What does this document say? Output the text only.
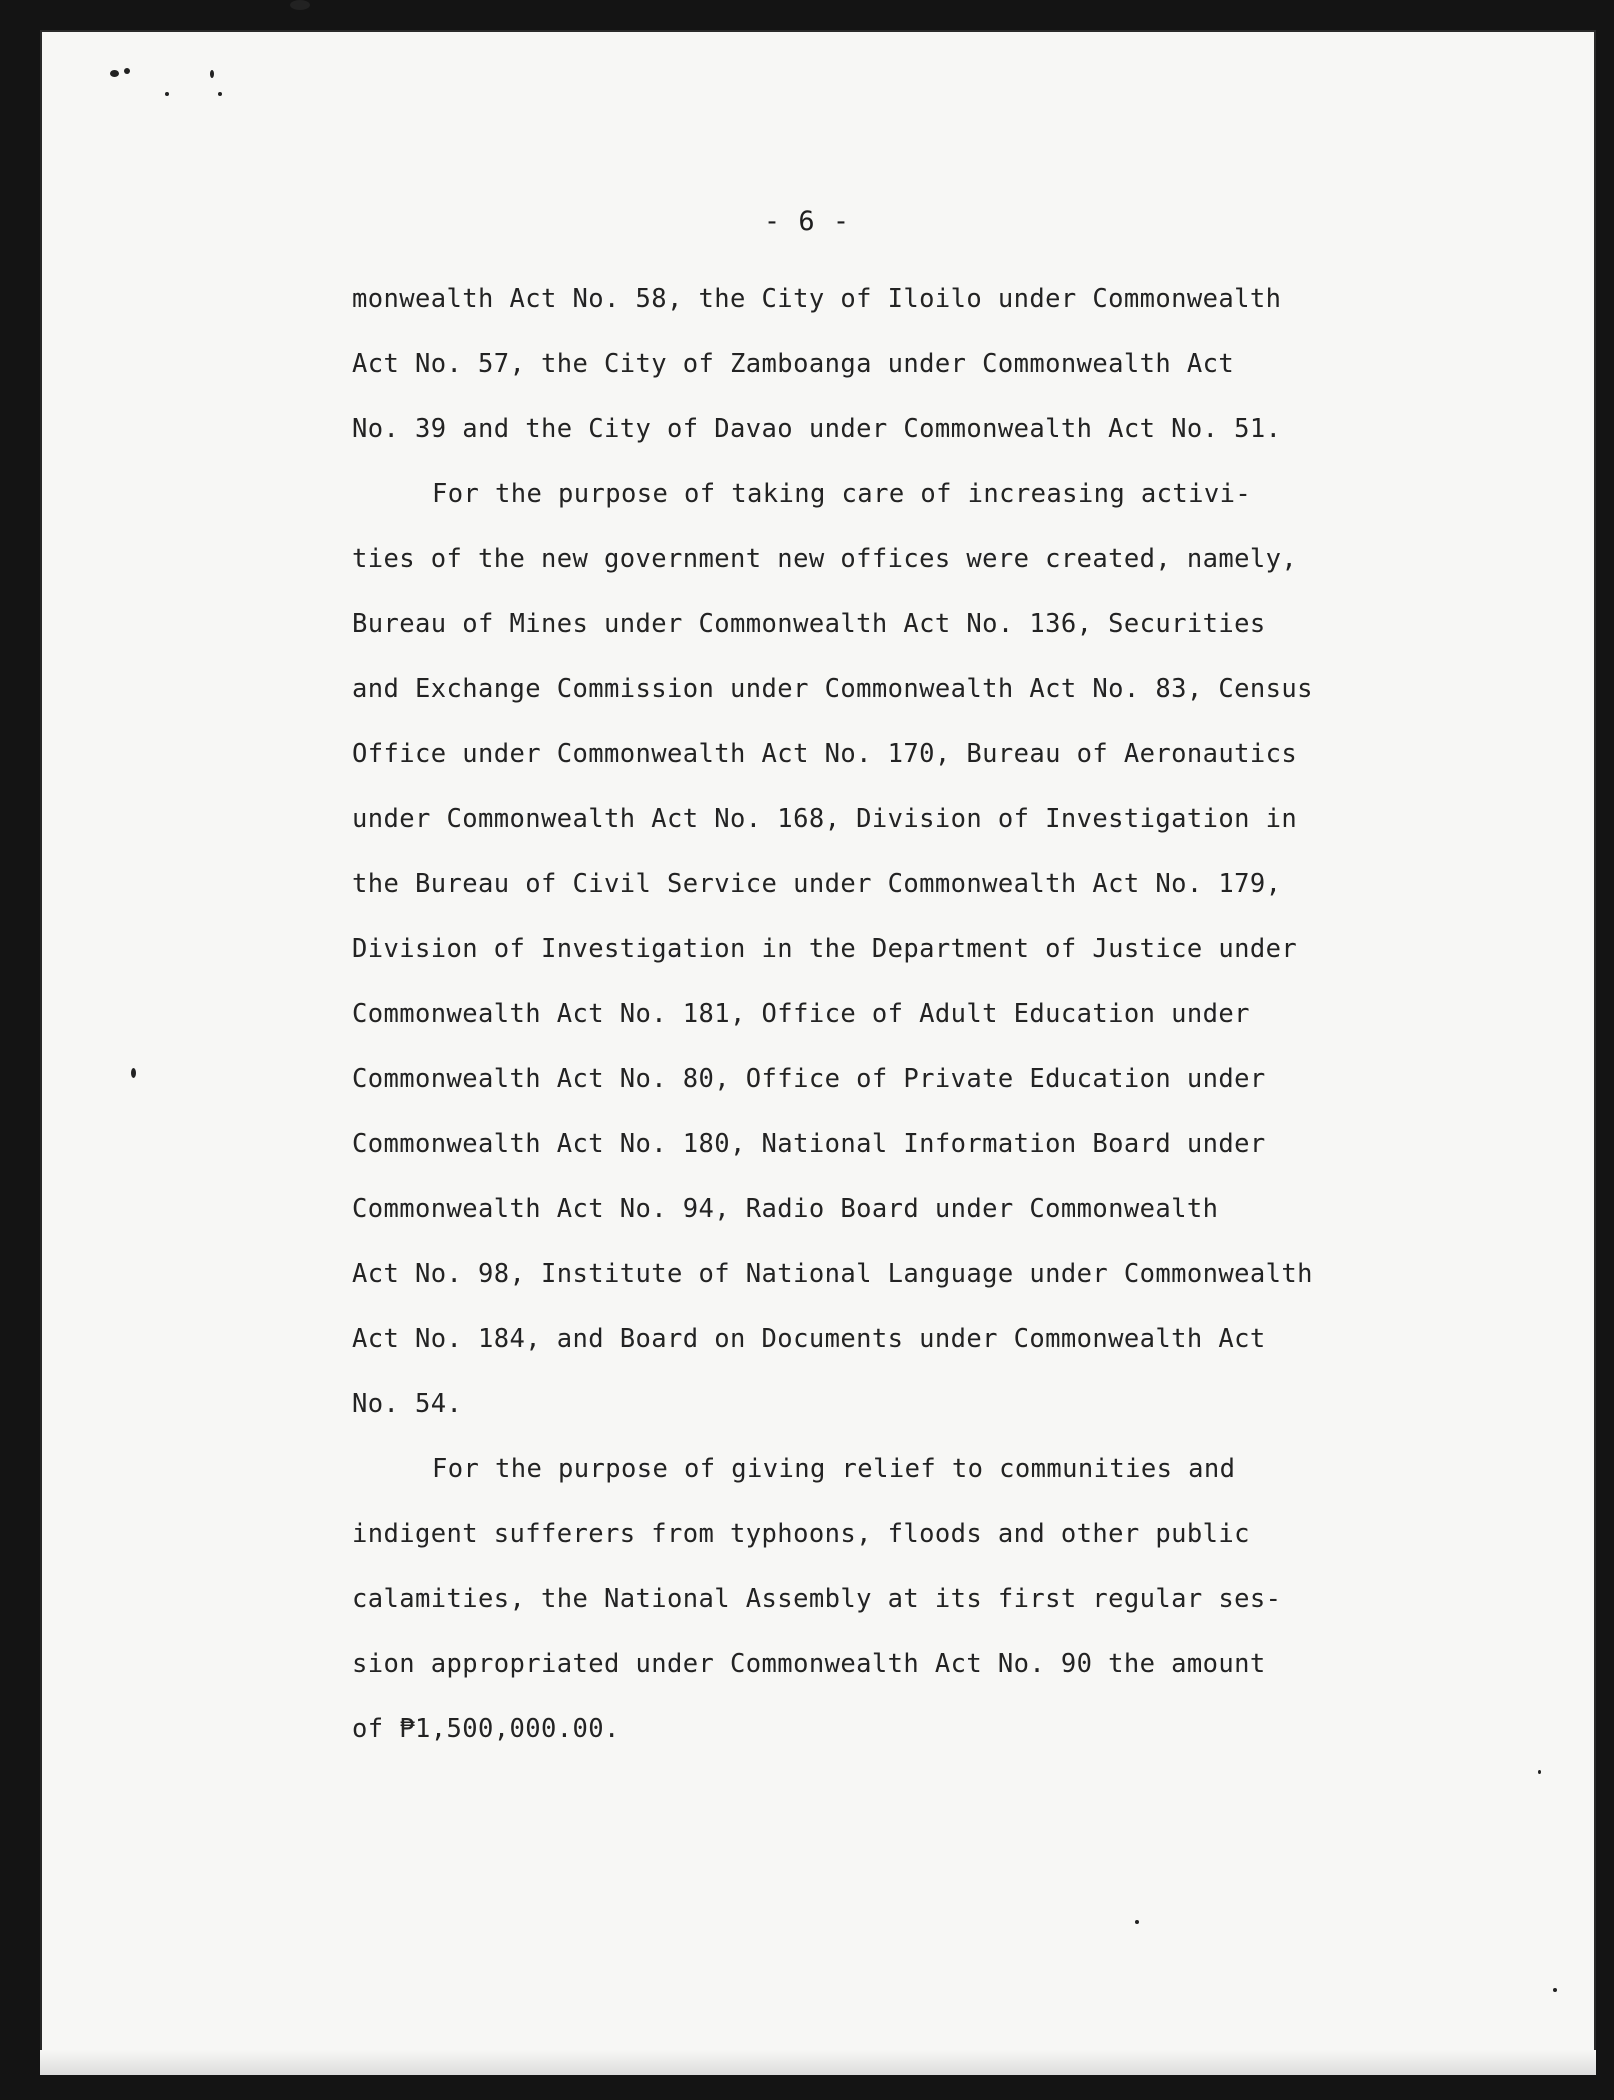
- 6 -
monwealth Act No. 58, the City of Iloilo under Commonwealth
Act No. 57, the City of Zamboanga under Commonwealth Act
No. 39 and the City of Davao under Commonwealth Act No. 51.
For the purpose of taking care of increasing activi-
ties of the new government new offices were created, namely,
Bureau of Mines under Commonwealth Act No. 136, Securities
and Exchange Commission under Commonwealth Act No. 83, Census
Office under Commonwealth Act No. 170, Bureau of Aeronautics
under Commonwealth Act No. 168, Division of Investigation in
the Bureau of Civil Service under Commonwealth Act No. 179,
Division of Investigation in the Department of Justice under
Commonwealth Act No. 181, Office of Adult Education under
Commonwealth Act No. 80, Office of Private Education under
Commonwealth Act No. 180, National Information Board under
Commonwealth Act No. 94, Radio Board under Commonwealth
Act No. 98, Institute of National Language under Commonwealth
Act No. 184, and Board on Documents under Commonwealth Act
No. 54.
For the purpose of giving relief to communities and
indigent sufferers from typhoons, floods and other public
calamities, the National Assembly at its first regular ses-
sion appropriated under Commonwealth Act No. 90 the amount
of ₱1,500,000.00.
